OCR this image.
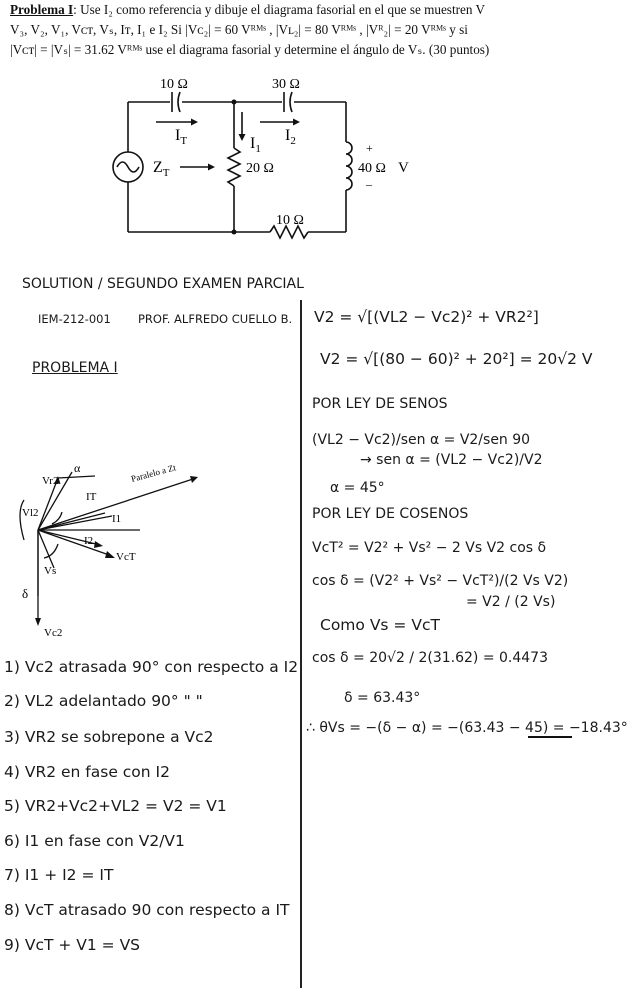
Problema I: Use I₂ como referencia y dibuje el diagrama fasorial en el que se muestren V
V₃, V₂, V₁, Vᴄᴛ, Vₛ, Iᴛ, I₁ e I₂ Si |Vᴄ₂| = 60 Vᴿᴹˢ , |Vʟ₂| = 80 Vᴿᴹˢ , |Vᴿ₂| = 20 Vᴿᴹˢ y si
|Vᴄᴛ| = |Vₛ| = 31.62 Vᴿᴹˢ use el diagrama fasorial y determine el ángulo de Vₛ. (30 puntos)
10 Ω	30 Ω
$I_T$	$I_1$
$I_2$
$Z_T$	20 Ω	40 Ω V
+
–
10 Ω
SOLUTION / SEGUNDO EXAMEN PARCIAL
IEM-212-001 PROF. ALFREDO CUELLO B.
PROBLEMA I
Vr2
Vl2
Vs
VcT
I1
I2
IT
Vc2
α
δ
Paralelo a Zt
1) Vc2 atrasada 90° con respecto a I2
2) VL2 adelantado 90° " "
3) VR2 se sobrepone a Vc2
4) VR2 en fase con I2
5) VR2+Vc2+VL2 = V2 = V1
6) I1 en fase con V2/V1
7) I1 + I2 = IT
8) VcT atrasado 90 con respecto a IT
9) VcT + V1 = VS
V2 = √[(VL2 − Vc2)² + VR2²]
V2 = √[(80 − 60)² + 20²] = 20√2 V
POR LEY DE SENOS
(VL2 − Vc2)/sen α = V2/sen 90
→ sen α = (VL2 − Vc2)/V2
α = 45°
POR LEY DE COSENOS
VcT² = V2² + Vs² − 2 Vs V2 cos δ
cos δ = (V2² + Vs² − VcT²)/(2 Vs V2)
= V2 / (2 Vs)
Como Vs = VcT
cos δ = 20√2 / 2(31.62) = 0.4473
δ = 63.43°
∴ θVs = −(δ − α) = −(63.43 − 45) = −18.43°
